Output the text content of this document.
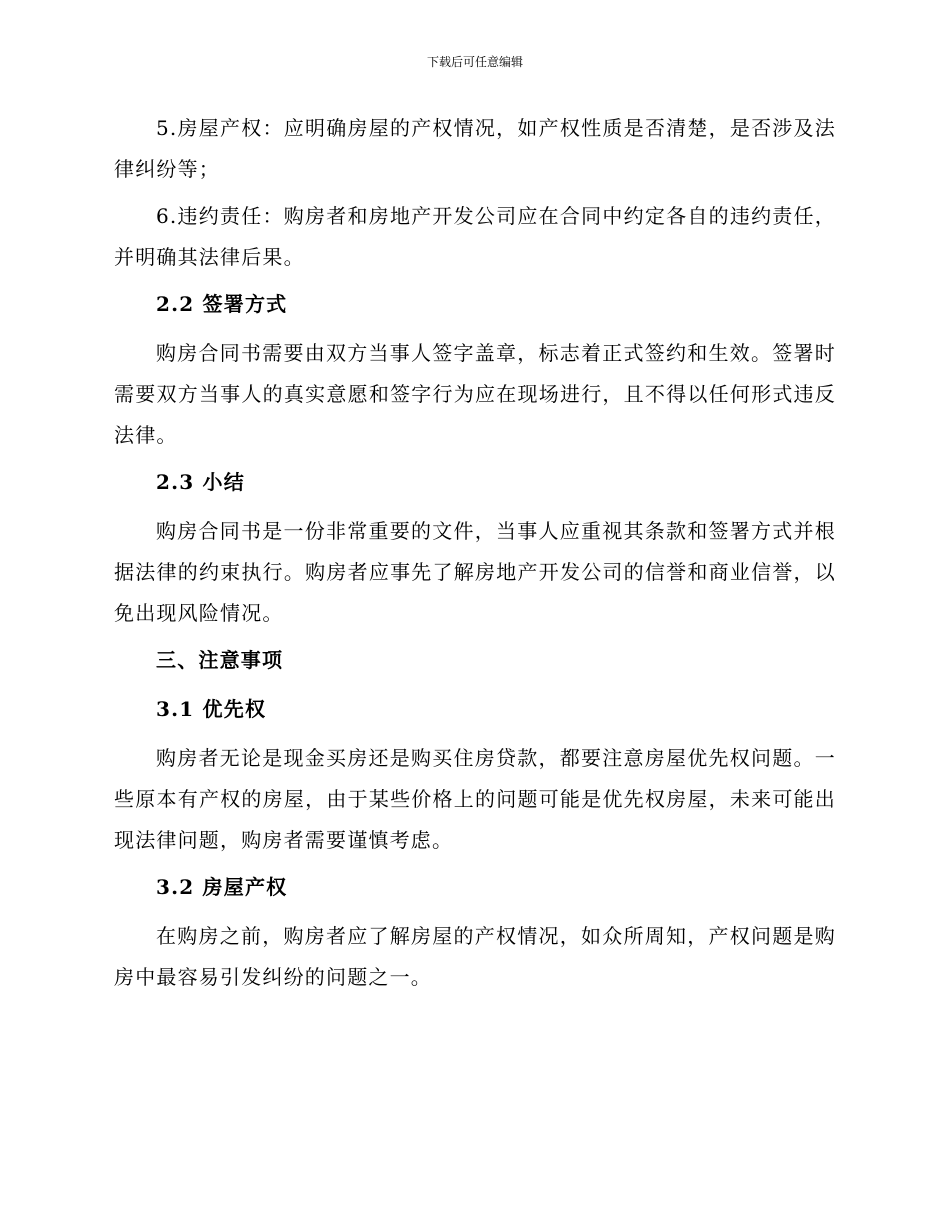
下载后可任意编辑

5.房屋产权：应明确房屋的产权情况，如产权性质是否清楚，是否涉及法律纠纷等；

6.违约责任：购房者和房地产开发公司应在合同中约定各自的违约责任，并明确其法律后果。

2.2 签署方式

购房合同书需要由双方当事人签字盖章，标志着正式签约和生效。签署时需要双方当事人的真实意愿和签字行为应在现场进行，且不得以任何形式违反法律。

2.3 小结

购房合同书是一份非常重要的文件，当事人应重视其条款和签署方式并根据法律的约束执行。购房者应事先了解房地产开发公司的信誉和商业信誉，以免出现风险情况。

三、注意事项

3.1 优先权

购房者无论是现金买房还是购买住房贷款，都要注意房屋优先权问题。一些原本有产权的房屋，由于某些价格上的问题可能是优先权房屋，未来可能出现法律问题，购房者需要谨慎考虑。

3.2 房屋产权

在购房之前，购房者应了解房屋的产权情况，如众所周知，产权问题是购房中最容易引发纠纷的问题之一。
